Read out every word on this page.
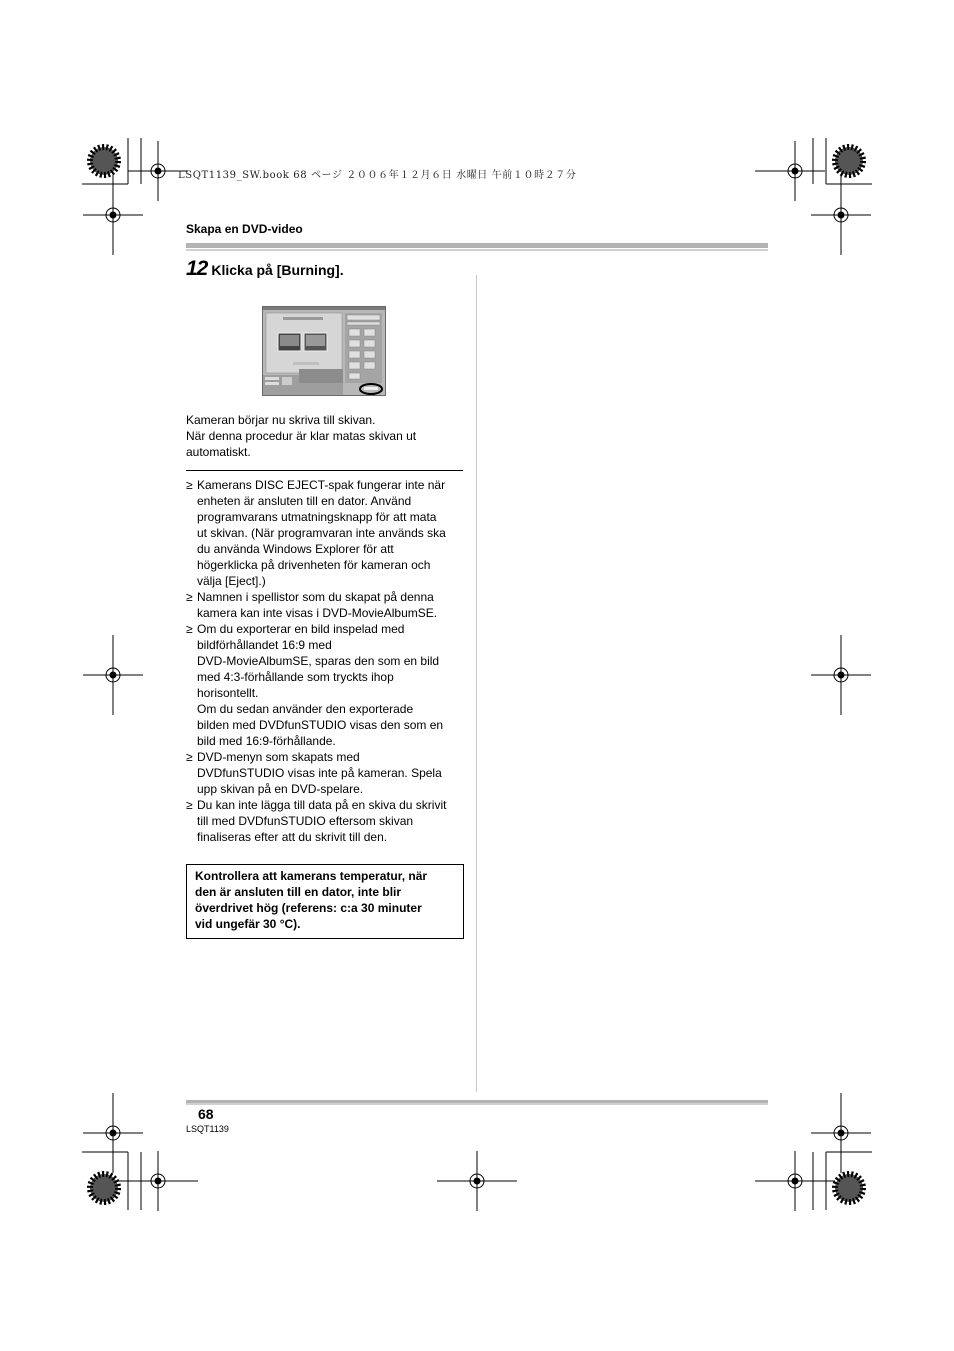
LSQT1139_SW.book 68 ページ ２００６年１２月６日 水曜日 午前１０時２７分
Skapa en DVD-video
12 Klicka på [Burning].
Kameran börjar nu skriva till skivan.
När denna procedur är klar matas skivan ut
automatiskt.
≥ Kamerans DISC EJECT-spak fungerar inte när
enheten är ansluten till en dator. Använd
programvarans utmatningsknapp för att mata
ut skivan. (När programvaran inte används ska
du använda Windows Explorer för att
högerklicka på drivenheten för kameran och
välja [Eject].)
≥ Namnen i spellistor som du skapat på denna
kamera kan inte visas i DVD-MovieAlbumSE.
≥ Om du exporterar en bild inspelad med
bildförhållandet 16:9 med
DVD-MovieAlbumSE, sparas den som en bild
med 4:3-förhållande som tryckts ihop
horisontellt.
Om du sedan använder den exporterade
bilden med DVDfunSTUDIO visas den som en
bild med 16:9-förhållande.
≥ DVD-menyn som skapats med
DVDfunSTUDIO visas inte på kameran. Spela
upp skivan på en DVD-spelare.
≥ Du kan inte lägga till data på en skiva du skrivit
till med DVDfunSTUDIO eftersom skivan
finaliseras efter att du skrivit till den.
Kontrollera att kamerans temperatur, när
den är ansluten till en dator, inte blir
överdrivet hög (referens: c:a 30 minuter
vid ungefär 30 °C).
68
LSQT1139
